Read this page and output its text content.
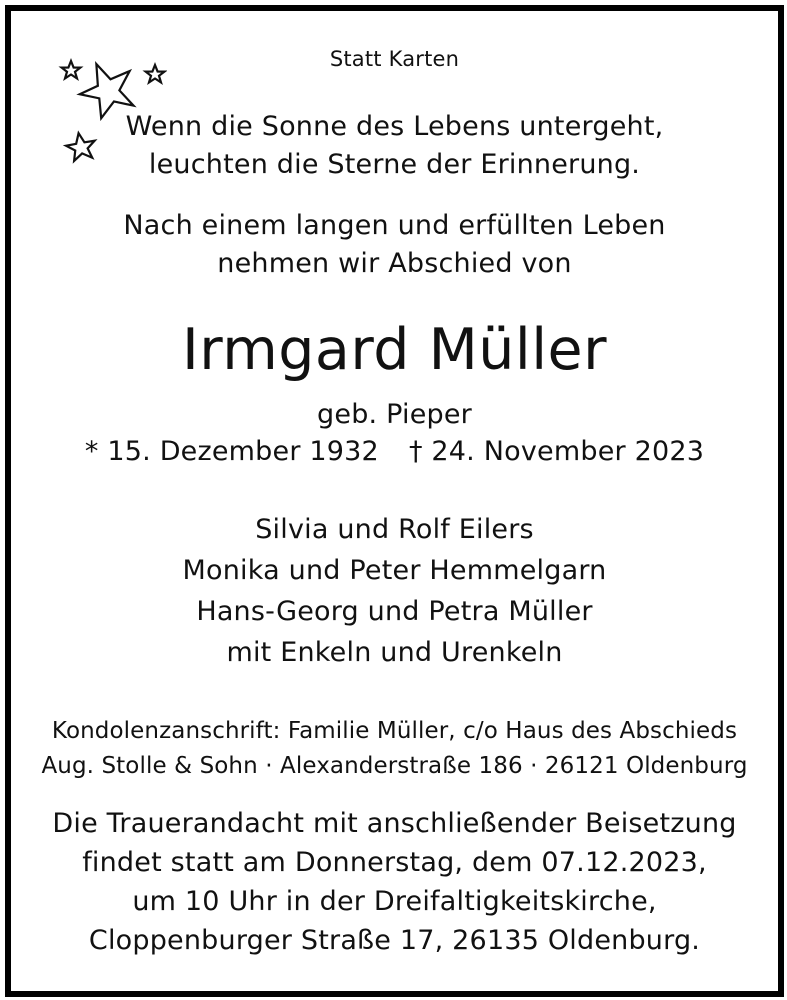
Statt Karten
Wenn die Sonne des Lebens untergeht,
leuchten die Sterne der Erinnerung.
Nach einem langen und erfüllten Leben
nehmen wir Abschied von
Irmgard Müller
geb. Pieper
* 15. Dezember 1932 † 24. November 2023
Silvia und Rolf Eilers
Monika und Peter Hemmelgarn
Hans-Georg und Petra Müller
mit Enkeln und Urenkeln
Kondolenzanschrift: Familie Müller, c/o Haus des Abschieds
Aug. Stolle & Sohn · Alexanderstraße 186 · 26121 Oldenburg
Die Trauerandacht mit anschließender Beisetzung
findet statt am Donnerstag, dem 07.12.2023,
um 10 Uhr in der Dreifaltigkeitskirche,
Cloppenburger Straße 17, 26135 Oldenburg.
